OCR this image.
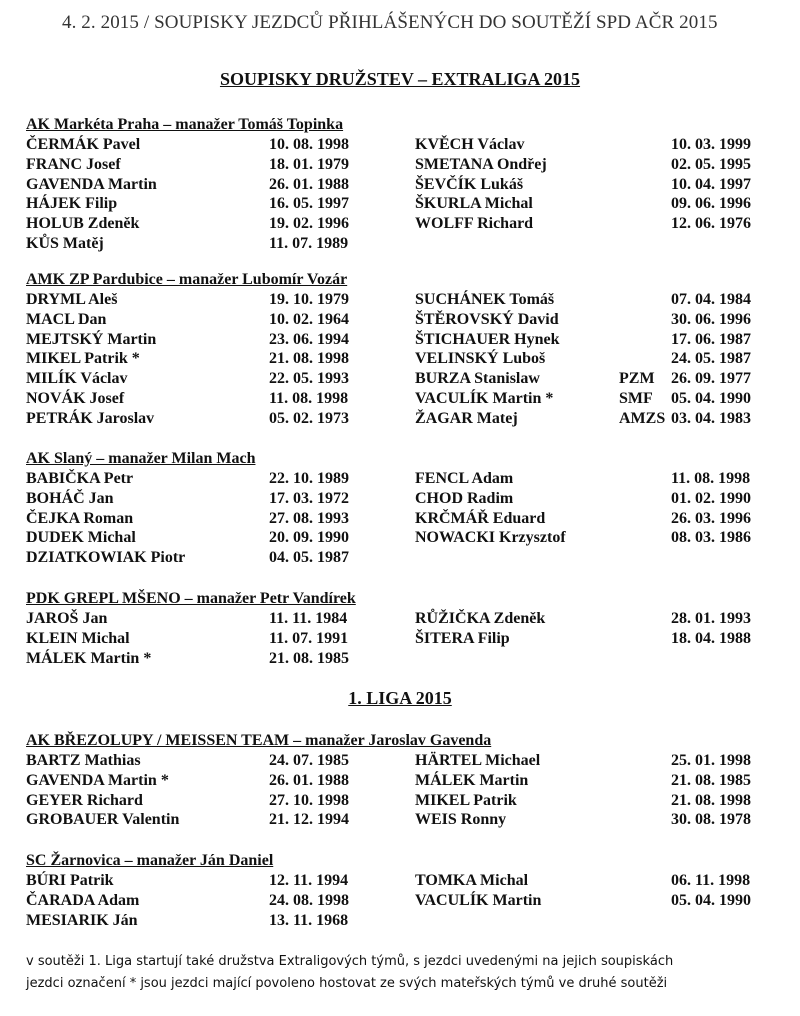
4. 2. 2015 / SOUPISKY JEZDCŮ PŘIHLÁŠENÝCH DO SOUTĚŽÍ SPD AČR 2015
SOUPISKY DRUŽSTEV – EXTRALIGA 2015
AK Markéta Praha – manažer Tomáš Topinka
ČERMÁK Pavel	10. 08. 1998	KVĚCH Václav	10. 03. 1999
FRANC Josef	18. 01. 1979	SMETANA Ondřej	02. 05. 1995
GAVENDA Martin	26. 01. 1988	ŠEVČÍK Lukáš	10. 04. 1997
HÁJEK Filip	16. 05. 1997	ŠKURLA Michal	09. 06. 1996
HOLUB Zdeněk	19. 02. 1996	WOLFF Richard	12. 06. 1976
KŮS Matěj	11. 07. 1989
AMK ZP Pardubice – manažer Lubomír Vozár
DRYML Aleš	19. 10. 1979	SUCHÁNEK Tomáš	07. 04. 1984
MACL Dan	10. 02. 1964	ŠTĚROVSKÝ David	30. 06. 1996
MEJTSKÝ Martin	23. 06. 1994	ŠTICHAUER Hynek	17. 06. 1987
MIKEL Patrik *	21. 08. 1998	VELINSKÝ Luboš	24. 05. 1987
MILÍK Václav	22. 05. 1993	BURZA Stanislaw	PZM 26. 09. 1977
NOVÁK Josef	11. 08. 1998	VACULÍK Martin *	SMF 05. 04. 1990
PETRÁK Jaroslav	05. 02. 1973	ŽAGAR Matej	AMZS 03. 04. 1983
AK Slaný – manažer Milan Mach
BABIČKA Petr	22. 10. 1989	FENCL Adam	11. 08. 1998
BOHÁČ Jan	17. 03. 1972	CHOD Radim	01. 02. 1990
ČEJKA Roman	27. 08. 1993	KRČMÁŘ Eduard	26. 03. 1996
DUDEK Michal	20. 09. 1990	NOWACKI Krzysztof	08. 03. 1986
DZIATKOWIAK Piotr	04. 05. 1987
PDK GREPL MŠENO – manažer Petr Vandírek
JAROŠ Jan	11. 11. 1984	RŮŽIČKA Zdeněk	28. 01. 1993
KLEIN Michal	11. 07. 1991	ŠITERA Filip	18. 04. 1988
MÁLEK Martin *	21. 08. 1985
1. LIGA 2015
AK BŘEZOLUPY / MEISSEN TEAM – manažer Jaroslav Gavenda
BARTZ Mathias	24. 07. 1985	HÄRTEL Michael	25. 01. 1998
GAVENDA Martin *	26. 01. 1988	MÁLEK Martin	21. 08. 1985
GEYER Richard	27. 10. 1998	MIKEL Patrik	21. 08. 1998
GROBAUER Valentin	21. 12. 1994	WEIS Ronny	30. 08. 1978
SC Žarnovica – manažer Ján Daniel
BÚRI Patrik	12. 11. 1994	TOMKA Michal	06. 11. 1998
ČARADA Adam	24. 08. 1998	VACULÍK Martin	05. 04. 1990
MESIARIK Ján	13. 11. 1968
v soutěži 1. Liga startují také družstva Extraligových týmů, s jezdci uvedenými na jejich soupiskách
jezdci označení * jsou jezdci mající povoleno hostovat ze svých mateřských týmů ve druhé soutěži
